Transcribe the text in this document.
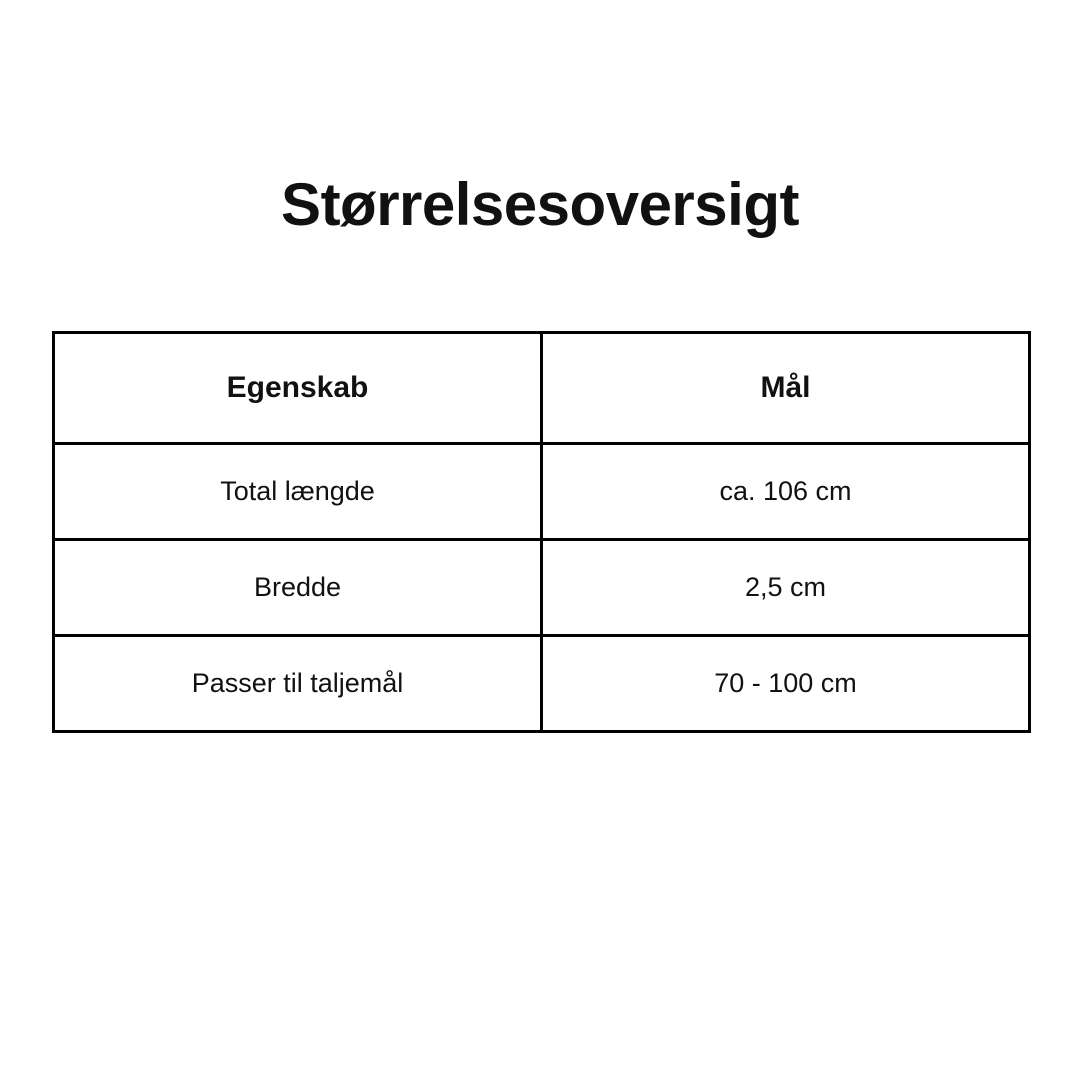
Størrelsesoversigt
Egenskab	Mål

Total længde	ca. 106 cm

Bredde	2,5 cm

Passer til taljemål	70 - 100 cm
